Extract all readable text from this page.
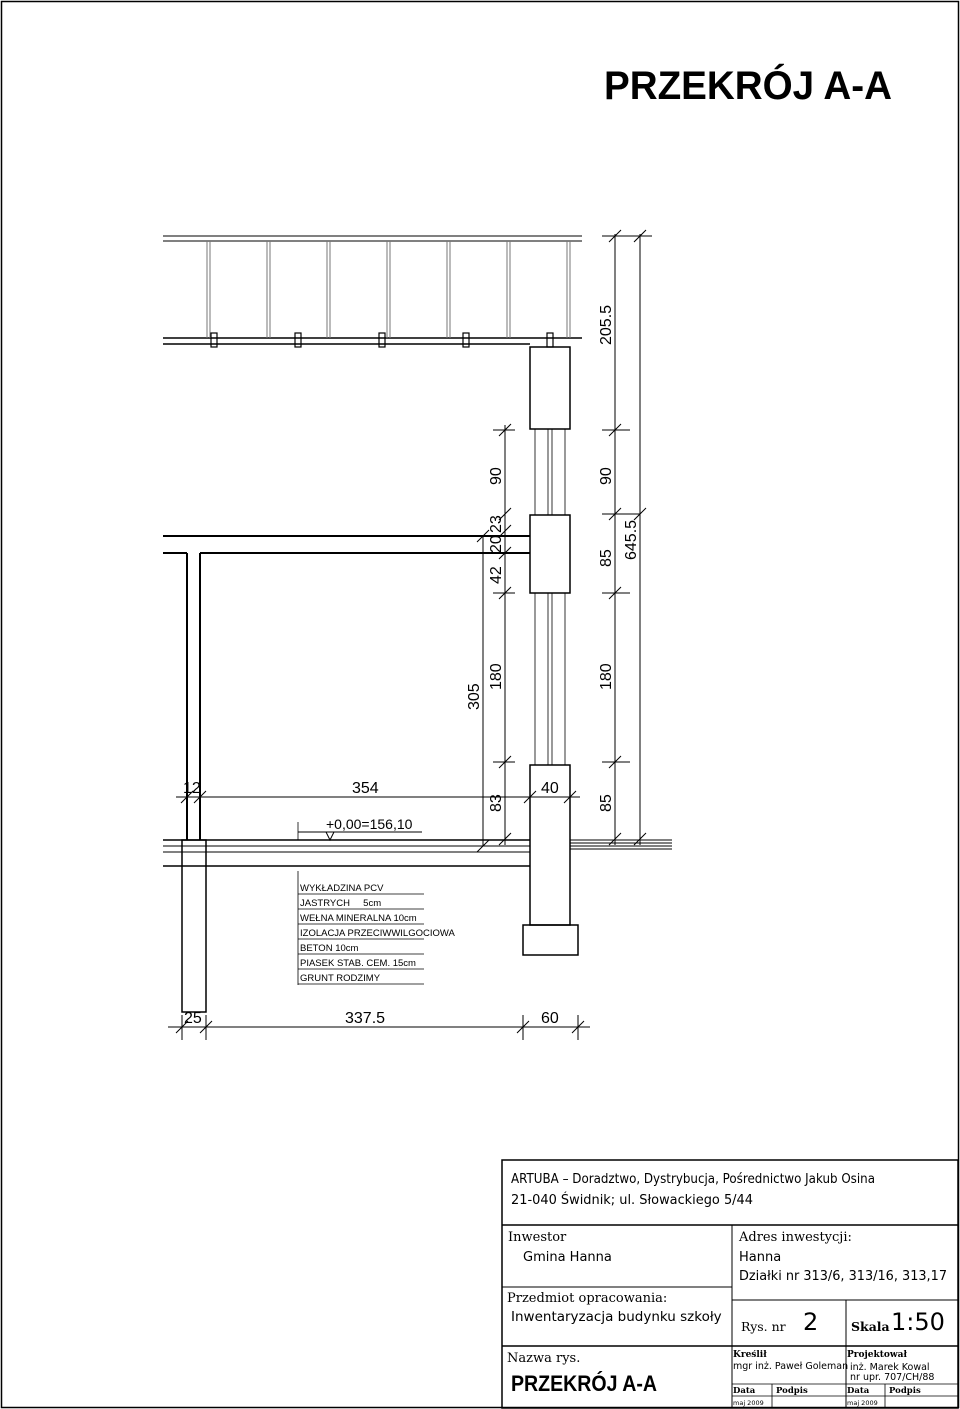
PRZEKRÓJ A-A
205.5
90
85 645.5
180
85
90
23
20
42
180
83
305
12	354	40
25	337.5	60
+0,00=156,10
WYKŁADZINA PCV
JASTRYCH     5cm
WEŁNA MINERALNA 10cm
IZOLACJA PRZECIWWILGOCIOWA
BETON 10cm
PIASEK STAB. CEM. 15cm
GRUNT RODZIMY
ARTUBA – Doradztwo, Dystrybucja, Pośrednictwo Jakub Osina
21-040 Świdnik; ul. Słowackiego 5/44
Inwestor
Gmina Hanna
Adres inwestycji:
Hanna
Działki nr 313/6, 313/16, 313,17
Przedmiot opracowania:
Inwentaryzacja budynku szkoły
Rys. nr 2	Skala 1:50
Nazwa rys.
PRZEKRÓJ A-A
Kreślił
mgr inż. Paweł Goleman
Projektował
inż. Marek Kowal
nr upr. 707/CH/88
Data Podpis	Data Podpis
maj 2009	maj 2009
